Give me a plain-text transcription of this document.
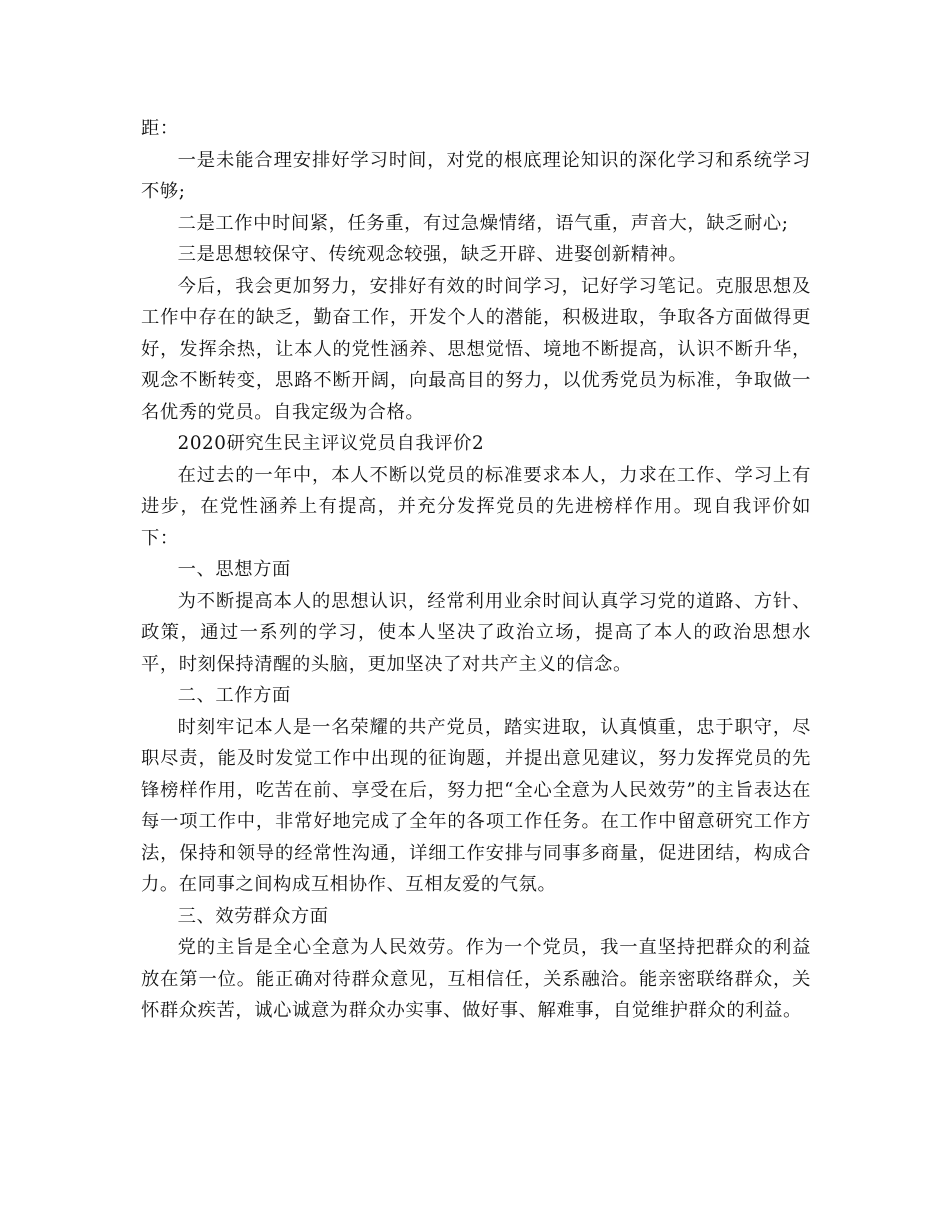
距：

一是未能合理安排好学习时间，对党的根底理论知识的深化学习和系统学习不够;

二是工作中时间紧，任务重，有过急燥情绪，语气重，声音大，缺乏耐心;

三是思想较保守、传统观念较强，缺乏开辟、进娶创新精神。

今后，我会更加努力，安排好有效的时间学习，记好学习笔记。克服思想及工作中存在的缺乏，勤奋工作，开发个人的潜能，积极进取，争取各方面做得更好，发挥余热，让本人的党性涵养、思想觉悟、境地不断提高，认识不断升华，观念不断转变，思路不断开阔，向最高目的努力，以优秀党员为标准，争取做一名优秀的党员。自我定级为合格。

2020研究生民主评议党员自我评价2

在过去的一年中，本人不断以党员的标准要求本人，力求在工作、学习上有进步，在党性涵养上有提高，并充分发挥党员的先进榜样作用。现自我评价如下：

一、思想方面

为不断提高本人的思想认识，经常利用业余时间认真学习党的道路、方针、政策，通过一系列的学习，使本人坚决了政治立场，提高了本人的政治思想水平，时刻保持清醒的头脑，更加坚决了对共产主义的信念。

二、工作方面

时刻牢记本人是一名荣耀的共产党员，踏实进取，认真慎重，忠于职守，尽职尽责，能及时发觉工作中出现的征询题，并提出意见建议，努力发挥党员的先锋榜样作用，吃苦在前、享受在后，努力把“全心全意为人民效劳”的主旨表达在每一项工作中，非常好地完成了全年的各项工作任务。在工作中留意研究工作方法，保持和领导的经常性沟通，详细工作安排与同事多商量，促进团结，构成合力。在同事之间构成互相协作、互相友爱的气氛。

三、效劳群众方面

党的主旨是全心全意为人民效劳。作为一个党员，我一直坚持把群众的利益放在第一位。能正确对待群众意见，互相信任，关系融洽。能亲密联络群众，关怀群众疾苦，诚心诚意为群众办实事、做好事、解难事，自觉维护群众的利益。
